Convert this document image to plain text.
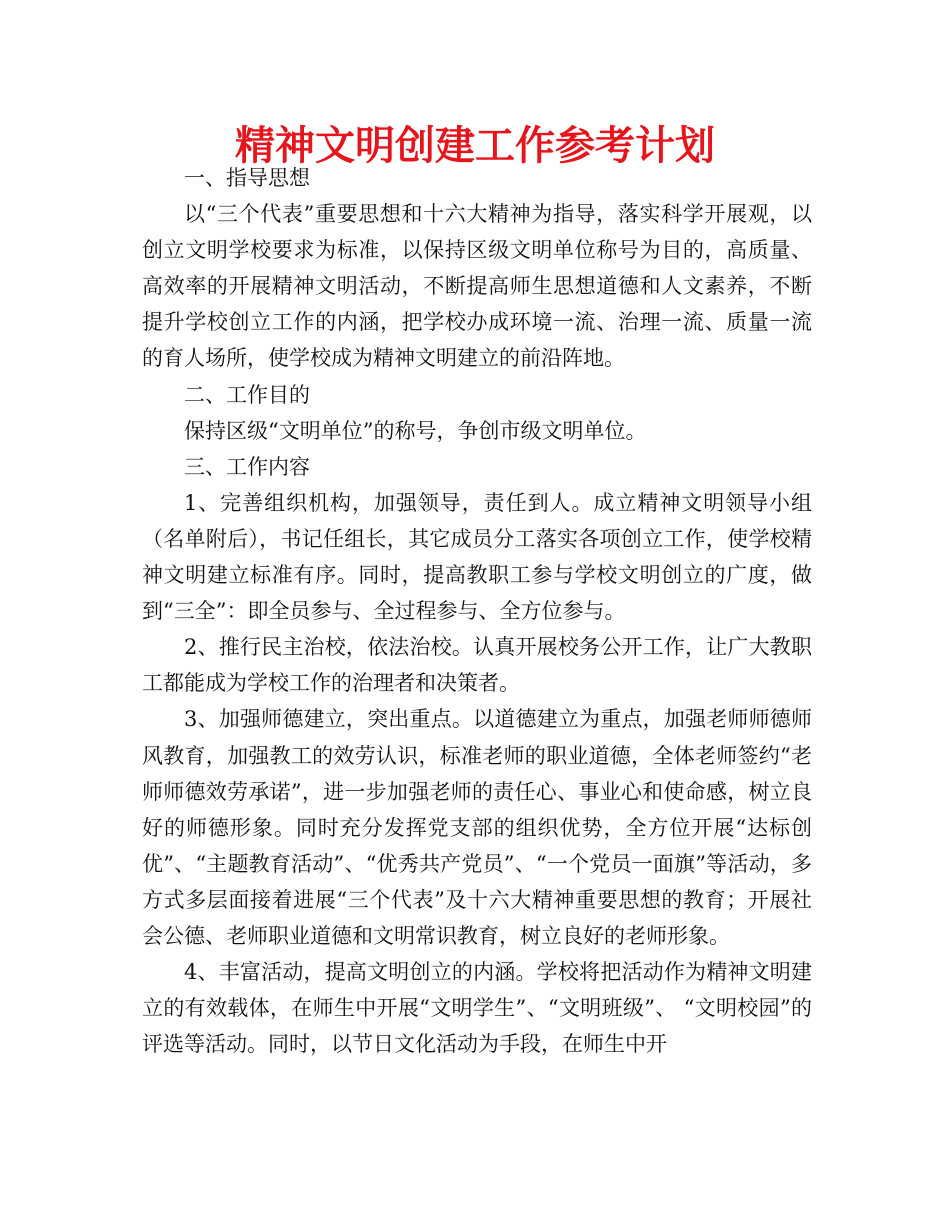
精神文明创建工作参考计划

一、指导思想

以“三个代表”重要思想和十六大精神为指导，落实科学开展观，以创立文明学校要求为标准，以保持区级文明单位称号为目的，高质量、高效率的开展精神文明活动，不断提高师生思想道德和人文素养，不断提升学校创立工作的内涵，把学校办成环境一流、治理一流、质量一流的育人场所，使学校成为精神文明建立的前沿阵地。

二、工作目的

保持区级“文明单位”的称号，争创市级文明单位。

三、工作内容

1、完善组织机构，加强领导，责任到人。成立精神文明领导小组（名单附后），书记任组长，其它成员分工落实各项创立工作，使学校精神文明建立标准有序。同时，提高教职工参与学校文明创立的广度，做到“三全”：即全员参与、全过程参与、全方位参与。

2、推行民主治校，依法治校。认真开展校务公开工作，让广大教职工都能成为学校工作的治理者和决策者。

3、加强师德建立，突出重点。以道德建立为重点，加强老师师德师风教育，加强教工的效劳认识，标准老师的职业道德，全体老师签约“老师师德效劳承诺”，进一步加强老师的责任心、事业心和使命感，树立良好的师德形象。同时充分发挥党支部的组织优势，全方位开展“达标创优”、“主题教育活动”、“优秀共产党员”、“一个党员一面旗”等活动，多方式多层面接着进展“三个代表”及十六大精神重要思想的教育；开展社会公德、老师职业道德和文明常识教育，树立良好的老师形象。

4、丰富活动，提高文明创立的内涵。学校将把活动作为精神文明建立的有效载体，在师生中开展“文明学生”、“文明班级”、 “文明校园”的评选等活动。同时，以节日文化活动为手段，在师生中开
